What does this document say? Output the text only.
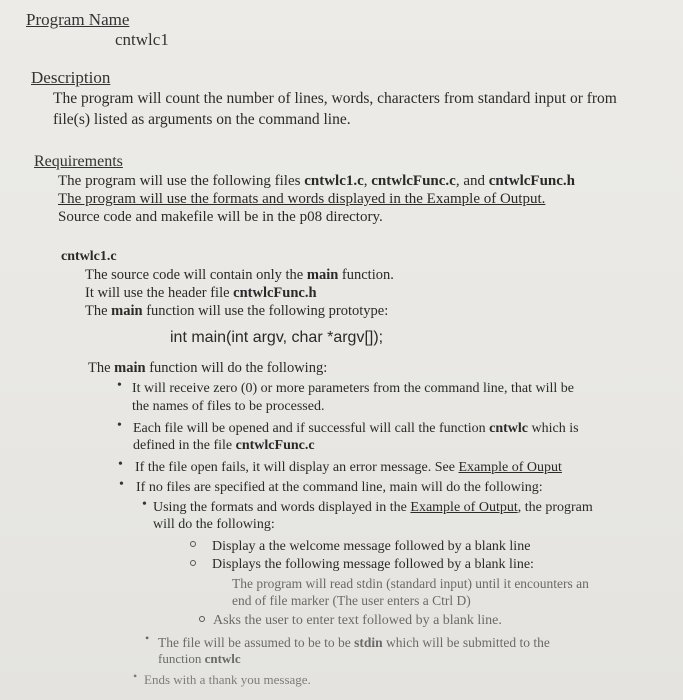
Program Name
cntwlc1
Description
The program will count the number of lines, words, characters from standard input or from
file(s) listed as arguments on the command line.
Requirements
The program will use the following files cntwlc1.c, cntwlcFunc.c, and cntwlcFunc.h
The program will use the formats and words displayed in the Example of Output.
Source code and makefile will be in the p08 directory.
cntwlc1.c
The source code will contain only the main function.
It will use the header file cntwlcFunc.h
The main function will use the following prototype:
int main(int argv, char *argv[]);
The main function will do the following:
• It will receive zero (0) or more parameters from the command line, that will be
the names of files to be processed.
• Each file will be opened and if successful will call the function cntwlc which is
defined in the file cntwlcFunc.c
• If the file open fails, it will display an error message. See Example of Ouput
• If no files are specified at the command line, main will do the following:
• Using the formats and words displayed in the Example of Output, the program
will do the following:
Display a the welcome message followed by a blank line
Displays the following message followed by a blank line:
The program will read stdin (standard input) until it encounters an
end of file marker (The user enters a Ctrl D)
Asks the user to enter text followed by a blank line.
• The file will be assumed to be to be stdin which will be submitted to the
function cntwlc
• Ends with a thank you message.
